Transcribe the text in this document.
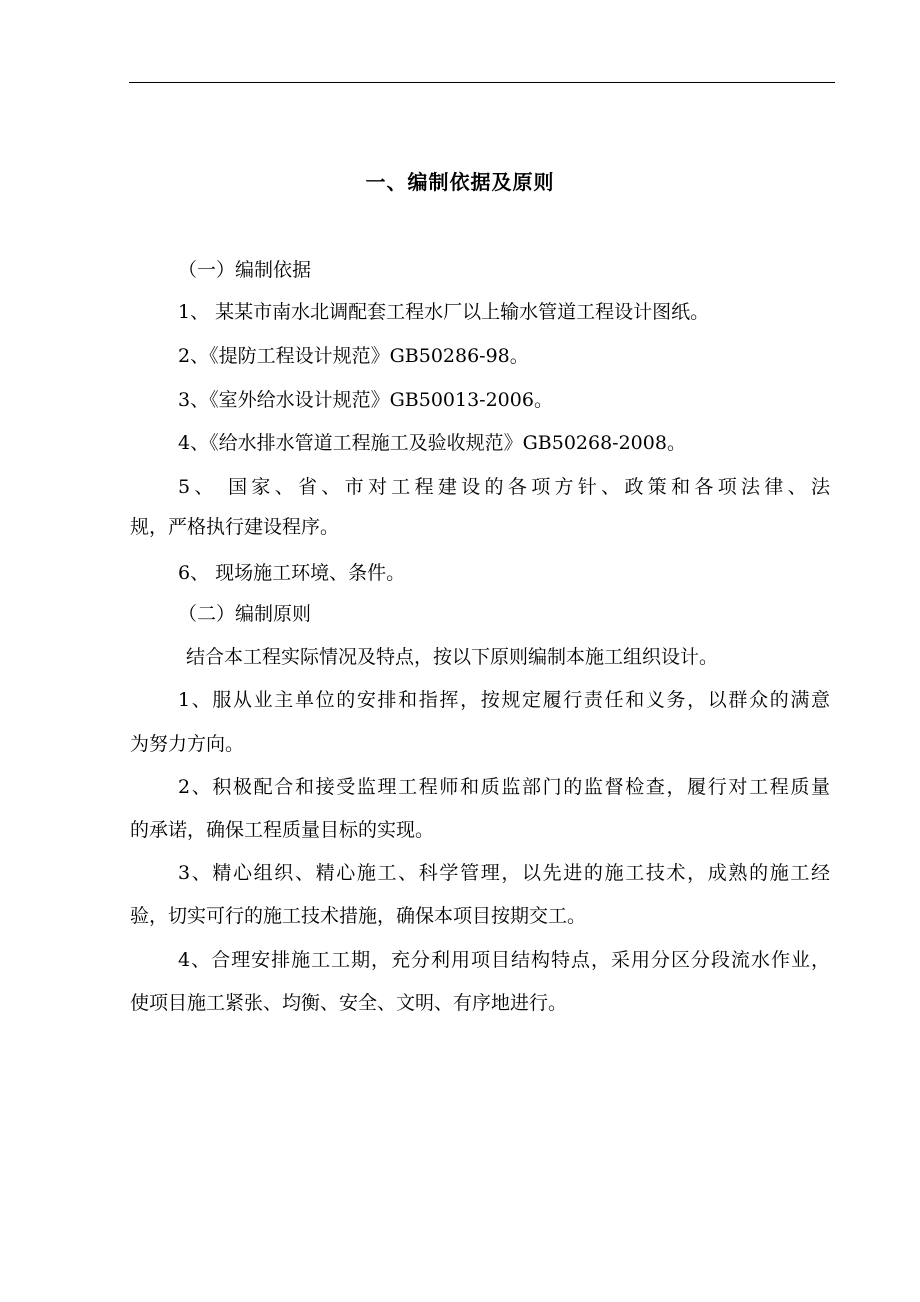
一、编制依据及原则
（一）编制依据
1、 某某市南水北调配套工程水厂以上输水管道工程设计图纸。
2、《提防工程设计规范》GB50286-98。
3、《室外给水设计规范》GB50013-2006。
4、《给水排水管道工程施工及验收规范》GB50268-2008。
5、 国家、省、市对工程建设的各项方针、政策和各项法律、法
规，严格执行建设程序。
6、 现场施工环境、条件。
（二）编制原则
结合本工程实际情况及特点，按以下原则编制本施工组织设计。
1、服从业主单位的安排和指挥，按规定履行责任和义务，以群众的满意
为努力方向。
2、积极配合和接受监理工程师和质监部门的监督检查，履行对工程质量
的承诺，确保工程质量目标的实现。
3、精心组织、精心施工、科学管理，以先进的施工技术，成熟的施工经
验，切实可行的施工技术措施，确保本项目按期交工。
4、合理安排施工工期，充分利用项目结构特点，采用分区分段流水作业，
使项目施工紧张、均衡、安全、文明、有序地进行。
